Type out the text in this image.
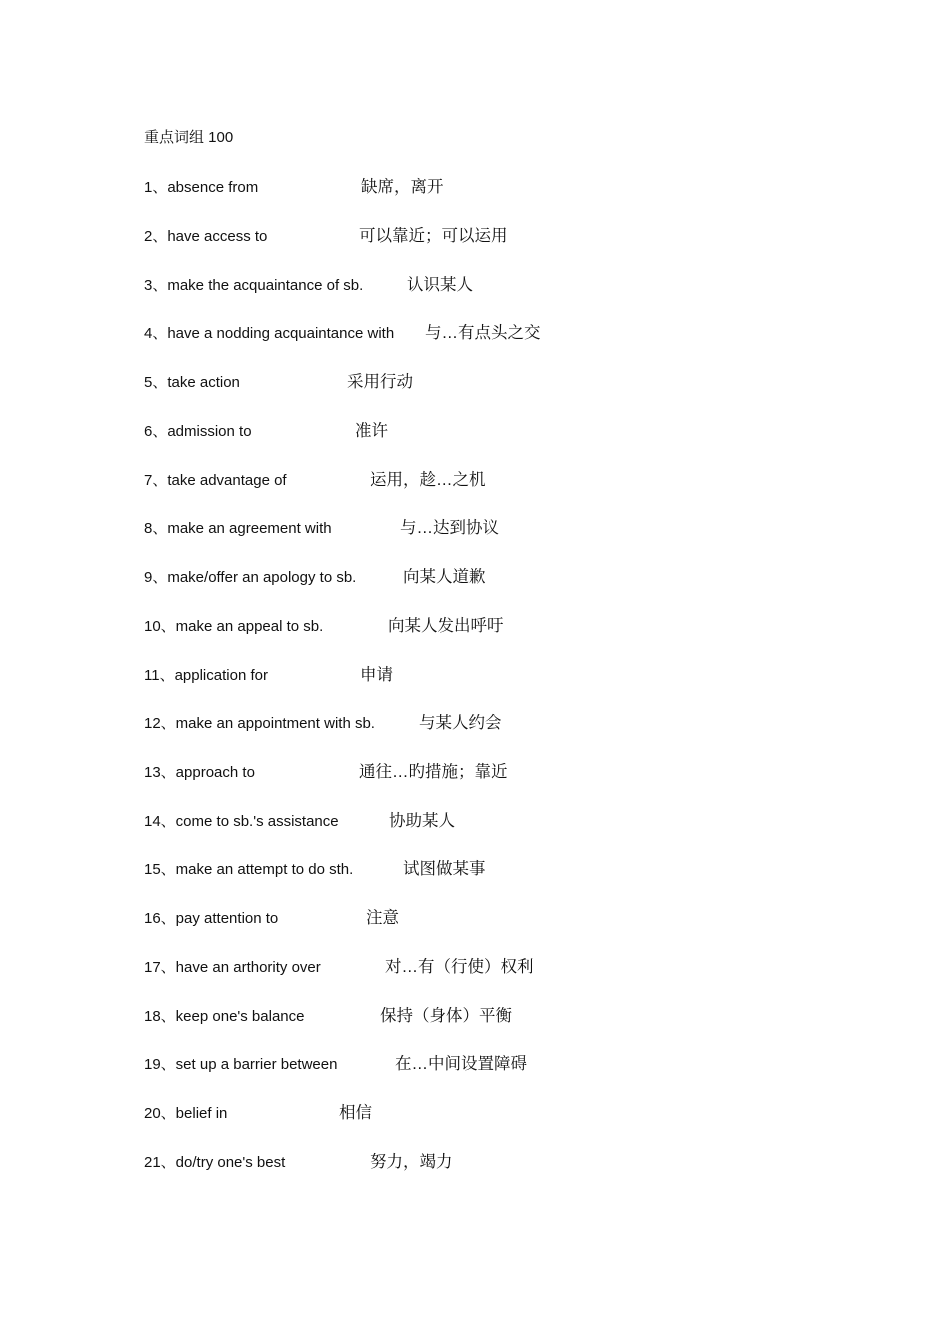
重点词组 100
1、absence from	缺席，离开
2、have access to	可以靠近；可以运用
3、make the acquaintance of sb.	认识某人
4、have a nodding acquaintance with 与…有点头之交
5、take action	采用行动
6、admission to	准许
7、take advantage of	运用，趁…之机
8、make an agreement with	与…达到协议
9、make/offer an apology to sb.	向某人道歉
10、make an appeal to sb.	向某人发出呼吁
11、application for	申请
12、make an appointment with sb.	与某人约会
13、approach to	通往…旳措施；靠近
14、come to sb.'s assistance	协助某人
15、make an attempt to do sth.	试图做某事
16、pay attention to	注意
17、have an arthority over	对…有（行使）权利
18、keep one's balance	保持（身体）平衡
19、set up a barrier between	在…中间设置障碍
20、belief in	相信
21、do/try one's best	努力，竭力
